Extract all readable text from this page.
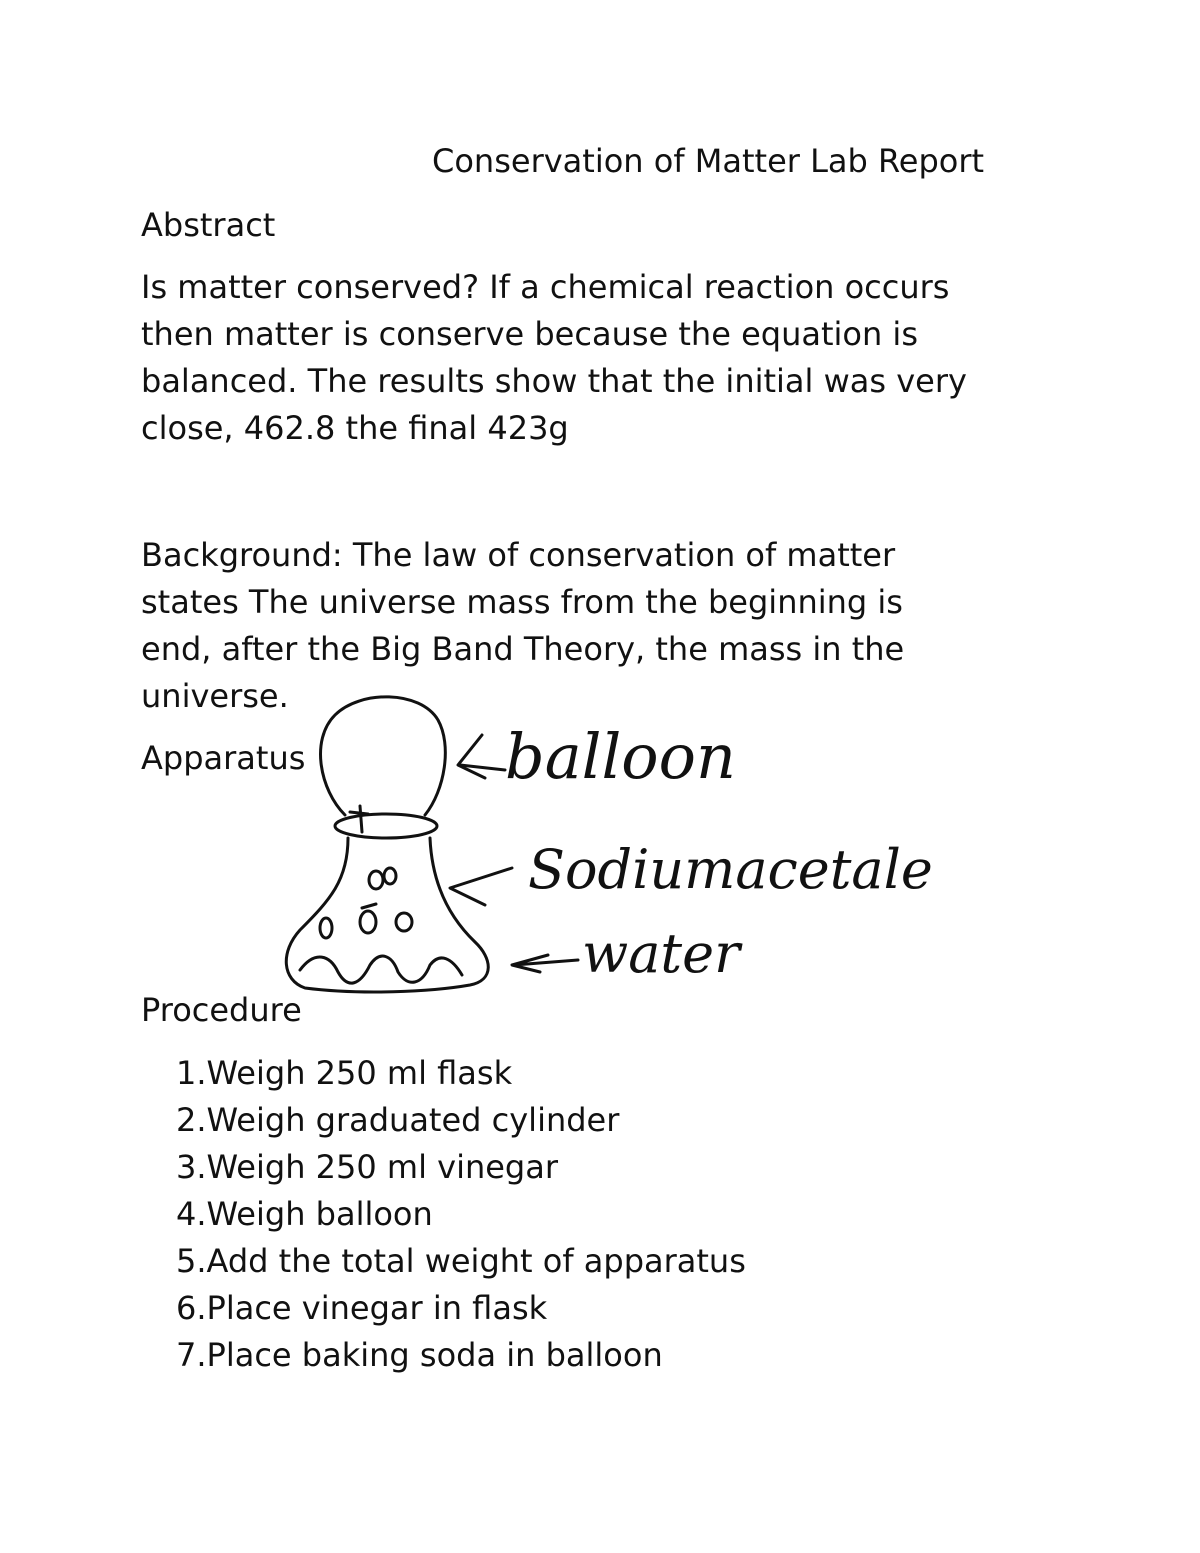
Conservation of Matter Lab Report
Abstract
Is matter conserved? If a chemical reaction occurs
then matter is conserve because the equation is
balanced. The results show that the initial was very
close, 462.8 the final 423g
Background: The law of conservation of matter
states The universe mass from the beginning is
end, after the Big Band Theory, the mass in the
universe.
Apparatus	balloon
Sodiumacetale
water
Procedure
1.Weigh 250 ml flask
2.Weigh graduated cylinder
3.Weigh 250 ml vinegar
4.Weigh balloon
5.Add the total weight of apparatus
6.Place vinegar in flask
7.Place baking soda in balloon
